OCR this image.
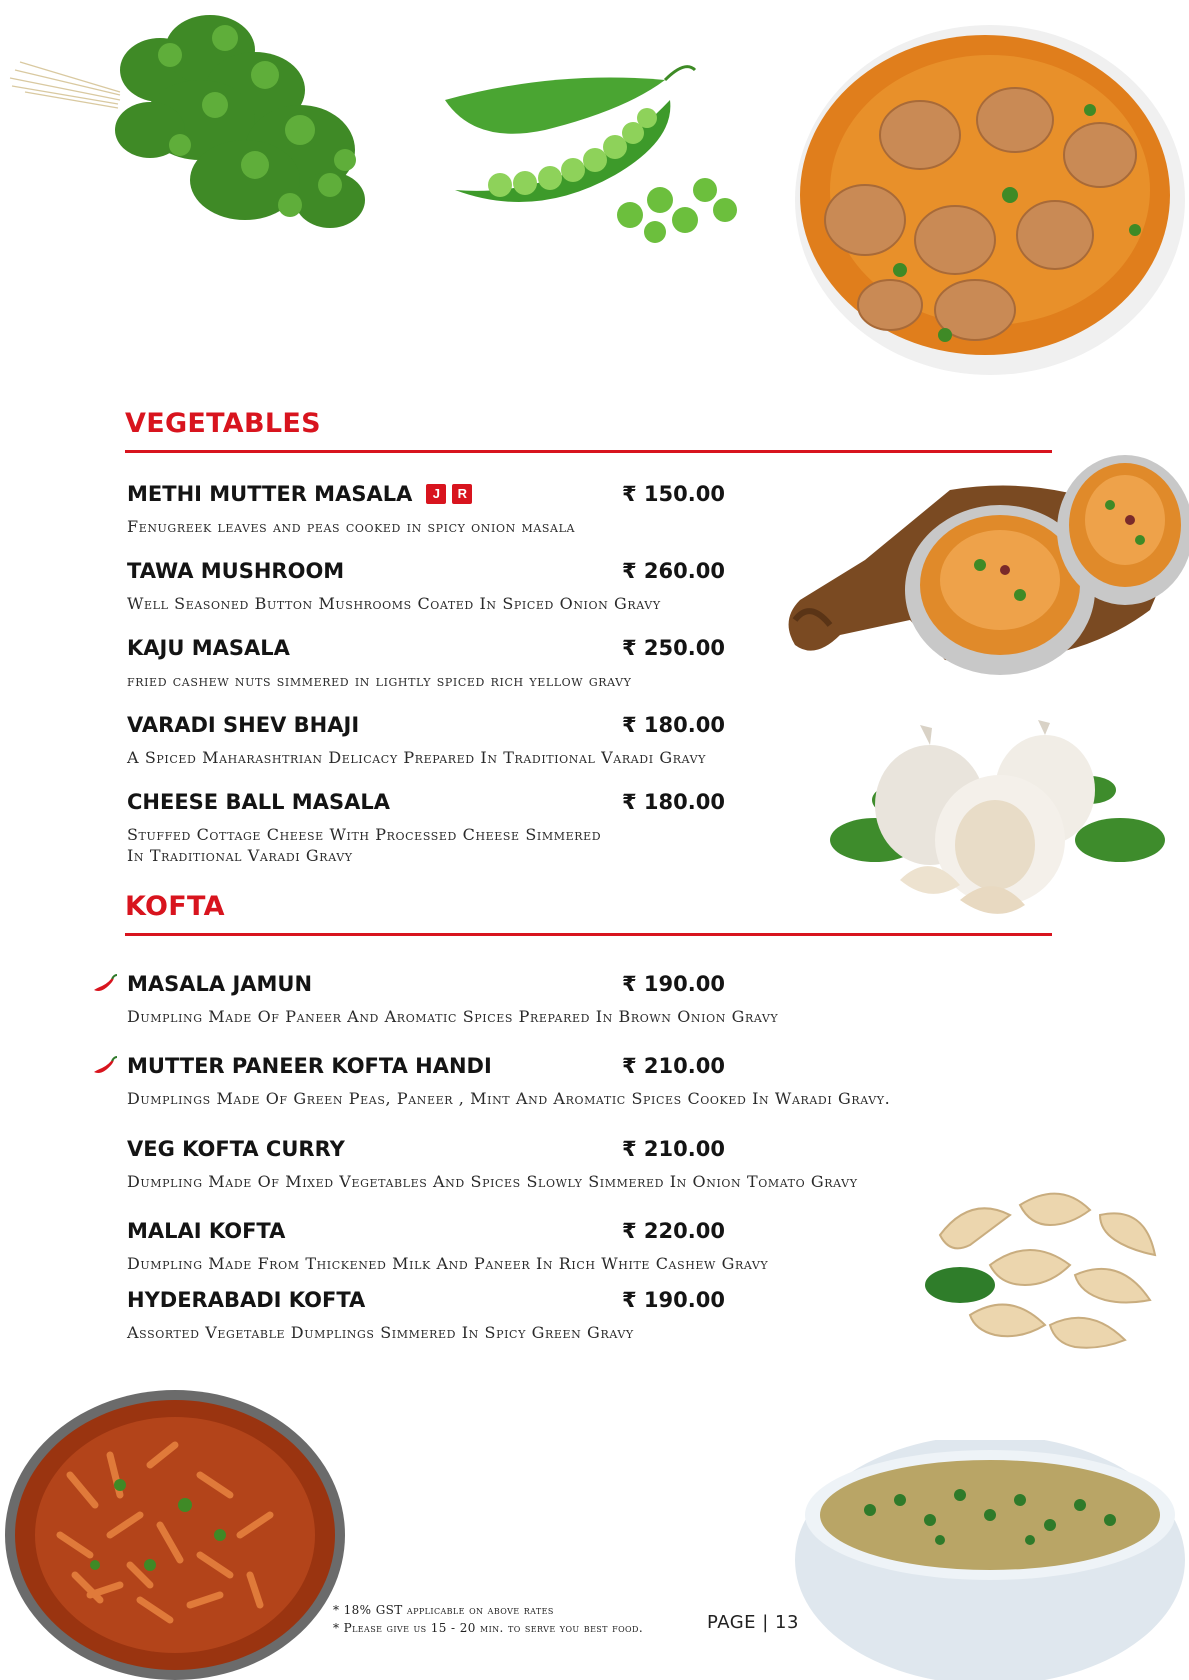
VEGETABLES
METHI MUTTER MASALA J R	₹ 150.00
Fenugreek leaves and peas cooked in spicy onion masala
TAWA MUSHROOM	₹ 260.00
Well Seasoned Button Mushrooms Coated In Spiced Onion Gravy
KAJU MASALA	₹ 250.00
fried cashew nuts simmered in lightly spiced rich yellow gravy
VARADI SHEV BHAJI	₹ 180.00
A Spiced Maharashtrian Delicacy Prepared In Traditional Varadi Gravy
CHEESE BALL MASALA	₹ 180.00
Stuffed Cottage Cheese With Processed Cheese Simmered
In Traditional Varadi Gravy
KOFTA
MASALA JAMUN	₹ 190.00
Dumpling Made Of Paneer And Aromatic Spices Prepared In Brown Onion Gravy
MUTTER PANEER KOFTA HANDI	₹ 210.00
Dumplings Made Of Green Peas, Paneer , Mint And Aromatic Spices Cooked In Waradi Gravy.
VEG KOFTA CURRY	₹ 210.00
Dumpling Made Of Mixed Vegetables And Spices Slowly Simmered In Onion Tomato Gravy
MALAI KOFTA	₹ 220.00
Dumpling Made From Thickened Milk And Paneer In Rich White Cashew Gravy
HYDERABADI KOFTA	₹ 190.00
Assorted Vegetable Dumplings Simmered In Spicy Green Gravy
* 18% GST applicable on above rates
* Please give us 15 - 20 min. to serve you best food.	PAGE | 13
